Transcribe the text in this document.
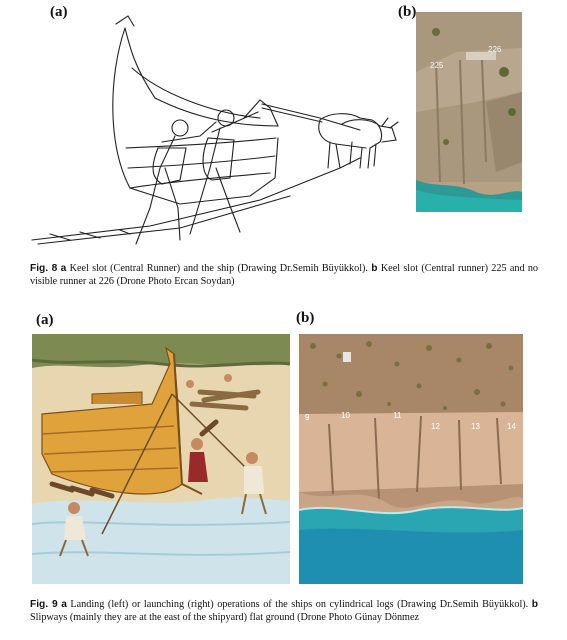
(a)	(b)
225
226
Fig. 8 a Keel slot (Central Runner) and the ship (Drawing Dr.Semih Büyükkol). b Keel slot (Central runner) 225 and no visible runner at 226 (Drone Photo Ercan Soydan)
(a)	(b)
9	10	11
12	13	14
Fig. 9 a Landing (left) or launching (right) operations of the ships on cylindrical logs (Drawing Dr.Semih Büyükkol). b Slipways (mainly they are at the east of the shipyard) flat ground (Drone Photo Günay Dönmez
